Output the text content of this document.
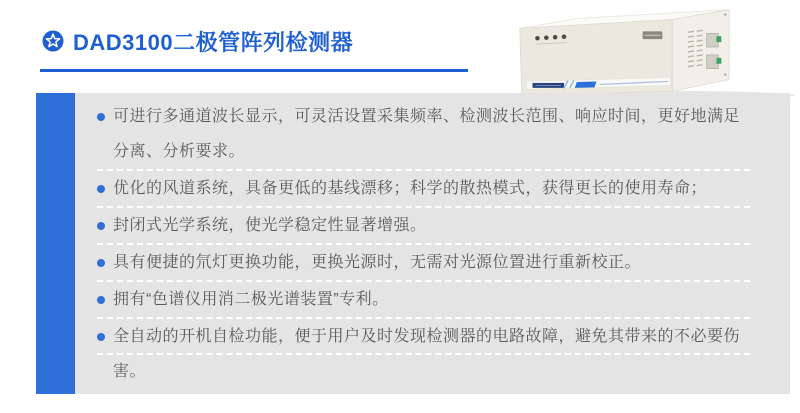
DAD3100二极管阵列检测器
可进行多通道波长显示，可灵活设置采集频率、检测波长范围、响应时间，更好地满足分离、分析要求。
优化的风道系统，具备更低的基线漂移；科学的散热模式，获得更长的使用寿命；
封闭式光学系统，使光学稳定性显著增强。
具有便捷的氘灯更换功能，更换光源时，无需对光源位置进行重新校正。
拥有“色谱仪用消二极光谱装置”专利。
全自动的开机自检功能，便于用户及时发现检测器的电路故障，避免其带来的不必要伤害。
